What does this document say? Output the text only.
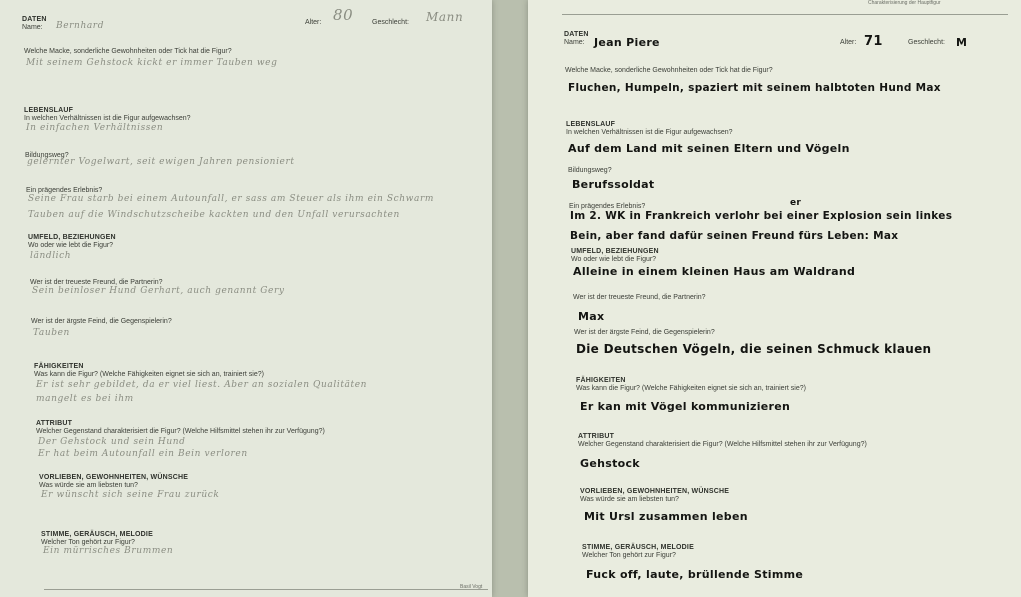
DATEN
Name: Bernhard	Alter: 80	Geschlecht: Mann
Welche Macke, sonderliche Gewohnheiten oder Tick hat die Figur?
Mit seinem Gehstock kickt er immer Tauben weg
LEBENSLAUF
In welchen Verhältnissen ist die Figur aufgewachsen?
In einfachen Verhältnissen
Bildungsweg?
gelernter Vogelwart, seit ewigen Jahren pensioniert
Ein prägendes Erlebnis?
Seine Frau starb bei einem Autounfall, er sass am Steuer als ihm ein Schwarm
Tauben auf die Windschutzscheibe kackten und den Unfall verursachten
UMFELD, BEZIEHUNGEN
Wo oder wie lebt die Figur?
ländlich
Wer ist der treueste Freund, die Partnerin?
Sein beinloser Hund Gerhart, auch genannt Gery
Wer ist der ärgste Feind, die Gegenspielerin?
Tauben
FÄHIGKEITEN
Was kann die Figur? (Welche Fähigkeiten eignet sie sich an, trainiert sie?)
Er ist sehr gebildet, da er viel liest. Aber an sozialen Qualitäten
mangelt es bei ihm
ATTRIBUT
Welcher Gegenstand charakterisiert die Figur? (Welche Hilfsmittel stehen ihr zur Verfügung?)
Der Gehstock und sein Hund
Er hat beim Autounfall ein Bein verloren
VORLIEBEN, GEWOHNHEITEN, WÜNSCHE
Was würde sie am liebsten tun?
Er wünscht sich seine Frau zurück
STIMME, GERÄUSCH, MELODIE
Welcher Ton gehört zur Figur?
Ein mürrisches Brummen
Basil Vogt
Charakterisierung der Hauptfigur
DATEN
Name: Jean Piere	Alter: 71	Geschlecht: M
Welche Macke, sonderliche Gewohnheiten oder Tick hat die Figur?
Fluchen, Humpeln, spaziert mit seinem halbtoten Hund Max
LEBENSLAUF
In welchen Verhältnissen ist die Figur aufgewachsen?
Auf dem Land mit seinen Eltern und Vögeln
Bildungsweg?
Berufssoldat
Ein prägendes Erlebnis?	er
Im 2. WK in Frankreich verlohr bei einer Explosion sein linkes
Bein, aber fand dafür seinen Freund fürs Leben: Max
UMFELD, BEZIEHUNGEN
Wo oder wie lebt die Figur?
Alleine in einem kleinen Haus am Waldrand
Wer ist der treueste Freund, die Partnerin?
Max
Wer ist der ärgste Feind, die Gegenspielerin?
Die Deutschen Vögeln, die seinen Schmuck klauen
FÄHIGKEITEN
Was kann die Figur? (Welche Fähigkeiten eignet sie sich an, trainiert sie?)
Er kan mit Vögel kommunizieren
ATTRIBUT
Welcher Gegenstand charakterisiert die Figur? (Welche Hilfsmittel stehen ihr zur Verfügung?)
Gehstock
VORLIEBEN, GEWOHNHEITEN, WÜNSCHE
Was würde sie am liebsten tun?
Mit Ursl zusammen leben
STIMME, GERÄUSCH, MELODIE
Welcher Ton gehört zur Figur?
Fuck off, laute, brüllende Stimme
